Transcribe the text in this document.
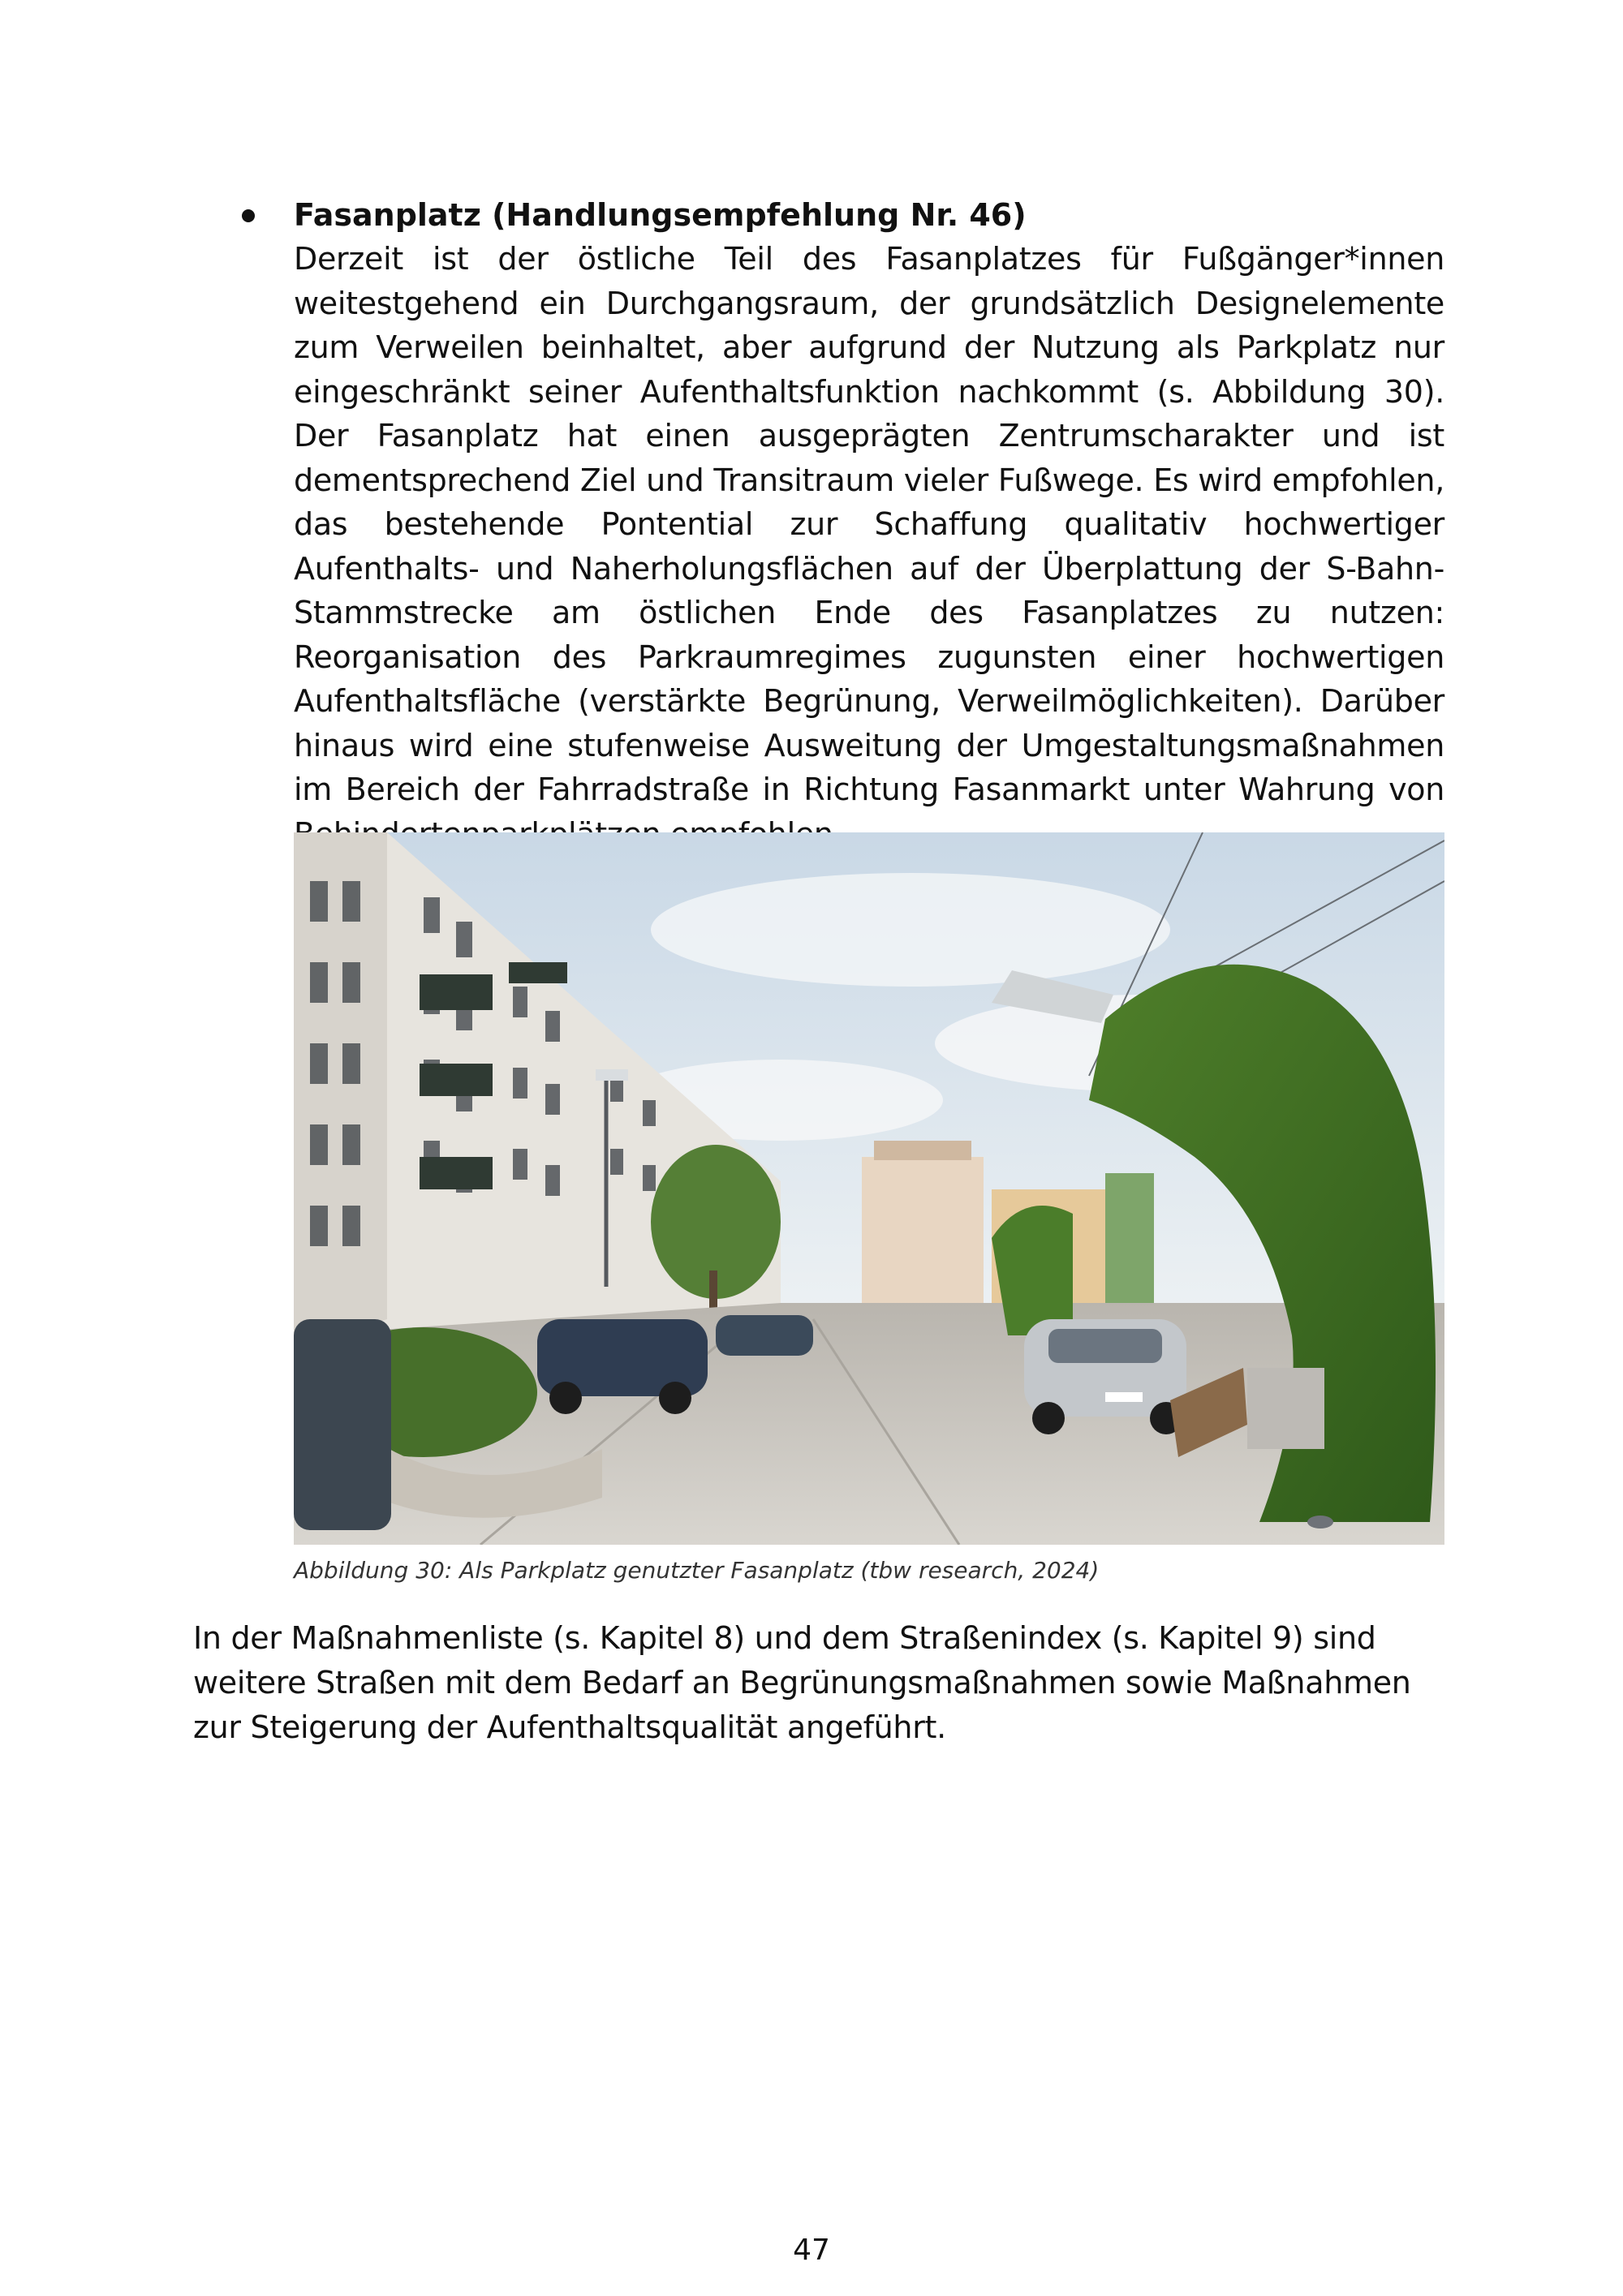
Fasanplatz (Handlungsempfehlung Nr. 46)

Derzeit ist der östliche Teil des Fasanplatzes für Fußgänger*innen weitestgehend ein Durchgangsraum, der grundsätzlich Designelemente zum Verweilen beinhaltet, aber aufgrund der Nutzung als Parkplatz nur eingeschränkt seiner Aufenthaltsfunktion nachkommt (s. Abbildung 30). Der Fasanplatz hat einen ausgeprägten Zentrumscharakter und ist dementsprechend Ziel und Transitraum vieler Fußwege. Es wird empfohlen, das bestehende Pontential zur Schaffung qualitativ hochwertiger Aufenthalts- und Naherholungsflächen auf der Überplattung der S-Bahn-Stammstrecke am östlichen Ende des Fasanplatzes zu nutzen: Reorganisation des Parkraumregimes zugunsten einer hochwertigen Aufenthaltsfläche (verstärkte Begrünung, Verweilmöglichkeiten). Darüber hinaus wird eine stufenweise Ausweitung der Umgestaltungsmaßnahmen im Bereich der Fahrradstraße in Richtung Fasanmarkt unter Wahrung von

Abbildung 30: Als Parkplatz genutzter Fasanplatz (tbw research, 2024)

In der Maßnahmenliste (s. Kapitel 8) und dem Straßenindex (s. Kapitel 9) sind weitere Straßen mit dem Bedarf an Begrünungsmaßnahmen sowie Maßnahmen zur Steigerung der Aufenthaltsqualität angeführt.

47
